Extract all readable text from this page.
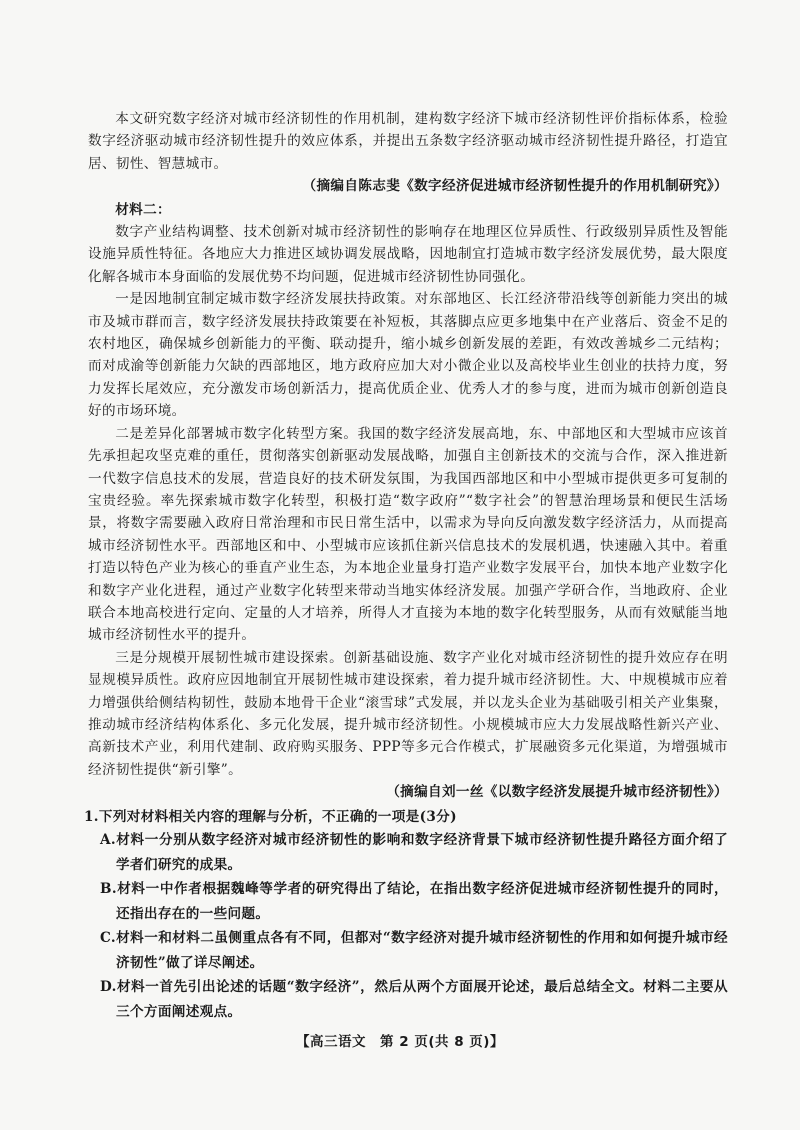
本文研究数字经济对城市经济韧性的作用机制，建构数字经济下城市经济韧性评价指标体系，检验数字经济驱动城市经济韧性提升的效应体系，并提出五条数字经济驱动城市经济韧性提升路径，打造宜居、韧性、智慧城市。

（摘编自陈志斐《数字经济促进城市经济韧性提升的作用机制研究》）

材料二：

数字产业结构调整、技术创新对城市经济韧性的影响存在地理区位异质性、行政级别异质性及智能设施异质性特征。各地应大力推进区域协调发展战略，因地制宜打造城市数字经济发展优势，最大限度化解各城市本身面临的发展优势不均问题，促进城市经济韧性协同强化。

一是因地制宜制定城市数字经济发展扶持政策。对东部地区、长江经济带沿线等创新能力突出的城市及城市群而言，数字经济发展扶持政策要在补短板，其落脚点应更多地集中在产业落后、资金不足的农村地区，确保城乡创新能力的平衡、联动提升，缩小城乡创新发展的差距，有效改善城乡二元结构；而对成渝等创新能力欠缺的西部地区，地方政府应加大对小微企业以及高校毕业生创业的扶持力度，努力发挥长尾效应，充分激发市场创新活力，提高优质企业、优秀人才的参与度，进而为城市创新创造良好的市场环境。

二是差异化部署城市数字化转型方案。我国的数字经济发展高地，东、中部地区和大型城市应该首先承担起攻坚克难的重任，贯彻落实创新驱动发展战略，加强自主创新技术的交流与合作，深入推进新一代数字信息技术的发展，营造良好的技术研发氛围，为我国西部地区和中小型城市提供更多可复制的宝贵经验。率先探索城市数字化转型，积极打造“数字政府”“数字社会”的智慧治理场景和便民生活场景，将数字需要融入政府日常治理和市民日常生活中，以需求为导向反向激发数字经济活力，从而提高城市经济韧性水平。西部地区和中、小型城市应该抓住新兴信息技术的发展机遇，快速融入其中。着重打造以特色产业为核心的垂直产业生态，为本地企业量身打造产业数字发展平台，加快本地产业数字化和数字产业化进程，通过产业数字化转型来带动当地实体经济发展。加强产学研合作，当地政府、企业联合本地高校进行定向、定量的人才培养，所得人才直接为本地的数字化转型服务，从而有效赋能当地城市经济韧性水平的提升。

三是分规模开展韧性城市建设探索。创新基础设施、数字产业化对城市经济韧性的提升效应存在明显规模异质性。政府应因地制宜开展韧性城市建设探索，着力提升城市经济韧性。大、中规模城市应着力增强供给侧结构韧性，鼓励本地骨干企业“滚雪球”式发展，并以龙头企业为基础吸引相关产业集聚，推动城市经济结构体系化、多元化发展，提升城市经济韧性。小规模城市应大力发展战略性新兴产业、高新技术产业，利用代建制、政府购买服务、PPP等多元合作模式，扩展融资多元化渠道，为增强城市经济韧性提供“新引擎”。

（摘编自刘一丝《以数字经济发展提升城市经济韧性》）

1.下列对材料相关内容的理解与分析，不正确的一项是(3分)

A.材料一分别从数字经济对城市经济韧性的影响和数字经济背景下城市经济韧性提升路径方面介绍了学者们研究的成果。

B.材料一中作者根据魏峰等学者的研究得出了结论，在指出数字经济促进城市经济韧性提升的同时，还指出存在的一些问题。

C.材料一和材料二虽侧重点各有不同，但都对“数字经济对提升城市经济韧性的作用和如何提升城市经济韧性”做了详尽阐述。

D.材料一首先引出论述的话题“数字经济”，然后从两个方面展开论述，最后总结全文。材料二主要从三个方面阐述观点。

【高三语文　第 2 页(共 8 页)】
